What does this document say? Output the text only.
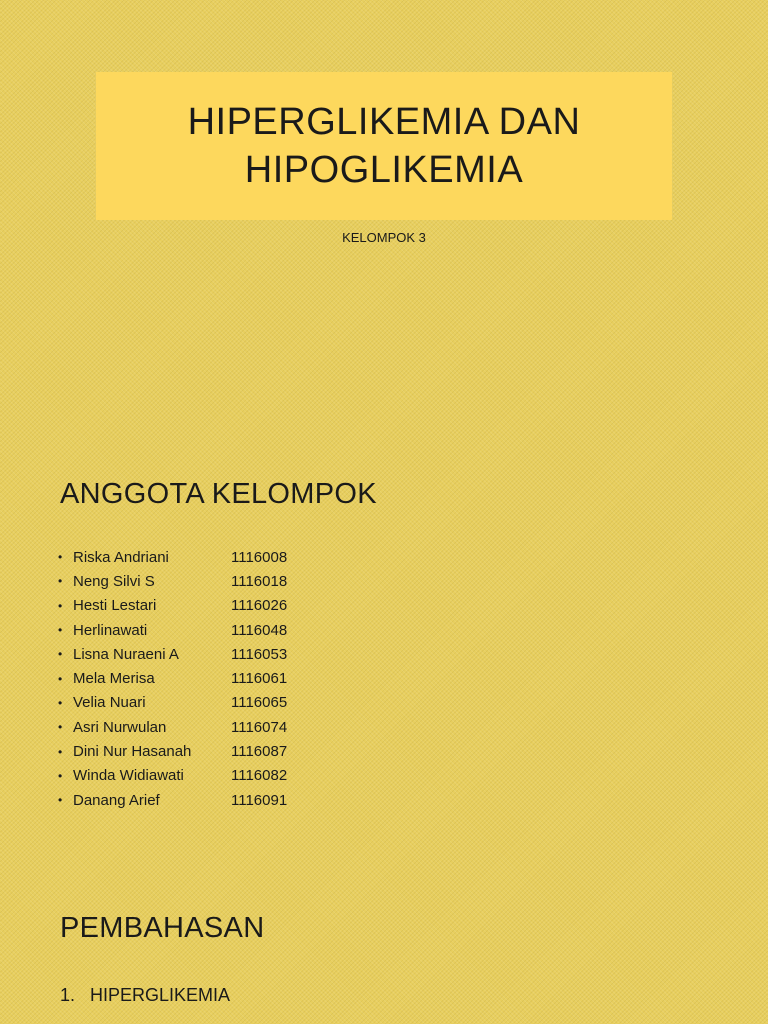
HIPERGLIKEMIA DAN HIPOGLIKEMIA
KELOMPOK 3
ANGGOTA KELOMPOK
• Riska Andriani	1116008
• Neng Silvi S	1116018
• Hesti Lestari	1116026
• Herlinawati	1116048
• Lisna Nuraeni A	1116053
• Mela Merisa	1116061
• Velia Nuari	1116065
• Asri Nurwulan	1116074
• Dini Nur Hasanah	1116087
• Winda Widiawati	1116082
• Danang Arief	1116091
PEMBAHASAN
1. HIPERGLIKEMIA
